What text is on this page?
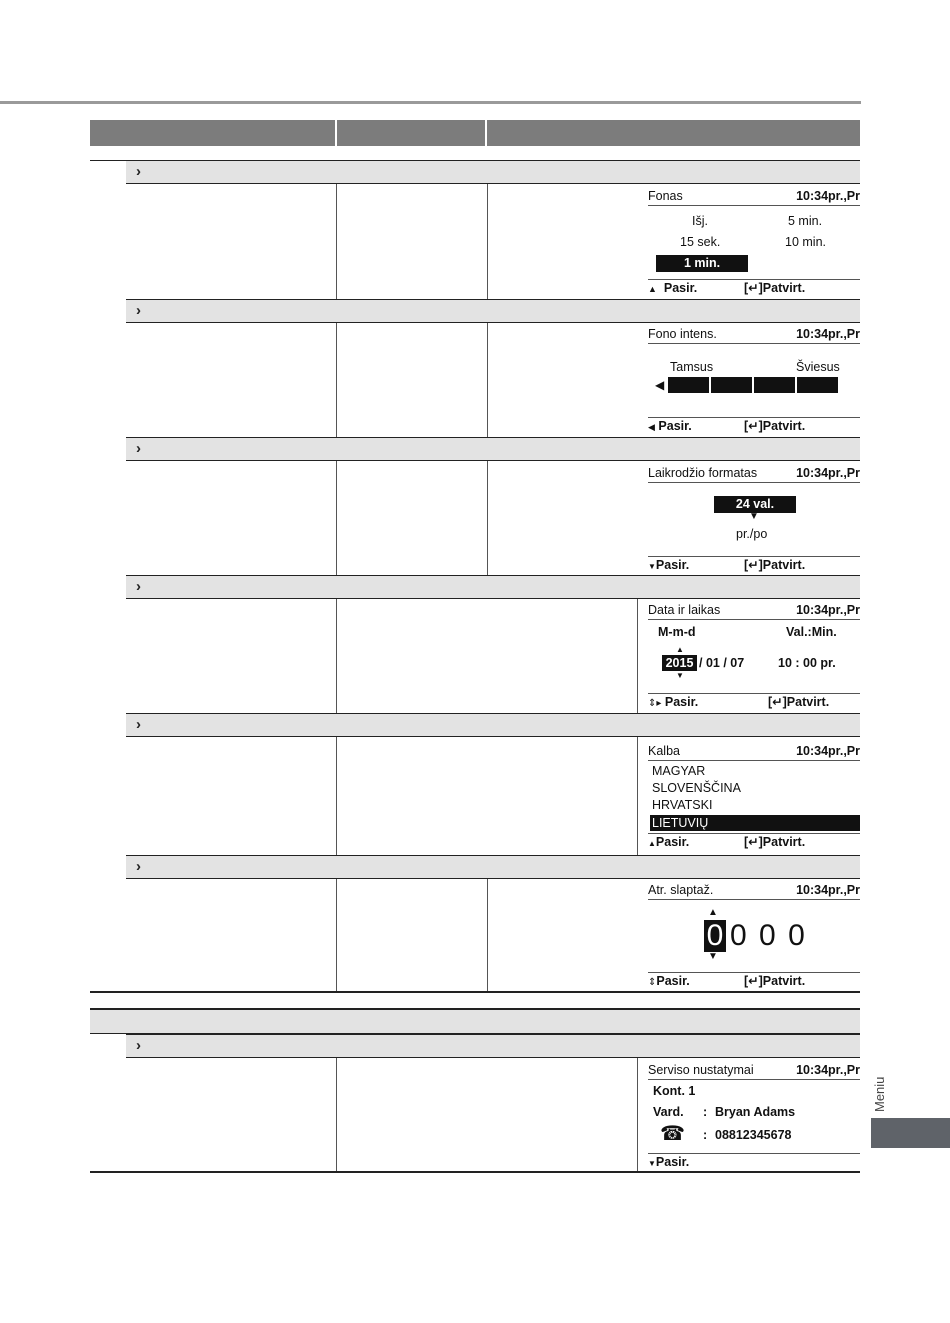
›
Fonas	10:34pr.,Pr
Išj.	5 min.
15 sek.	10 min.
1 min.
▲ Pasir.	[↵]Patvirt.
›
Fono intens.	10:34pr.,Pr
Tamsus	Šviesus
◀ Pasir.	[↵]Patvirt.
◀
›
Laikrodžio formatas	10:34pr.,Pr
24 val.
▼
pr./po
▼Pasir.	[↵]Patvirt.
›
Data ir laikas	10:34pr.,Pr
M-m-d	Val.:Min.
▲
2015 / 01 / 07	10 : 00 pr.
▼
⇕▸ Pasir.	[↵]Patvirt.
›
Kalba	10:34pr.,Pr
MAGYAR
SLOVENŠČINA
HRVATSKI
LIETUVIŲ
▲Pasir.	[↵]Patvirt.
›
Atr. slaptaž.	10:34pr.,Pr
▲
0 0 0 0
▼
⇕Pasir.	[↵]Patvirt.
›
Serviso nustatymai	10:34pr.,Pr
Kont. 1
Vard. : Bryan Adams
☎ : 08812345678
▼Pasir.
Meniu
